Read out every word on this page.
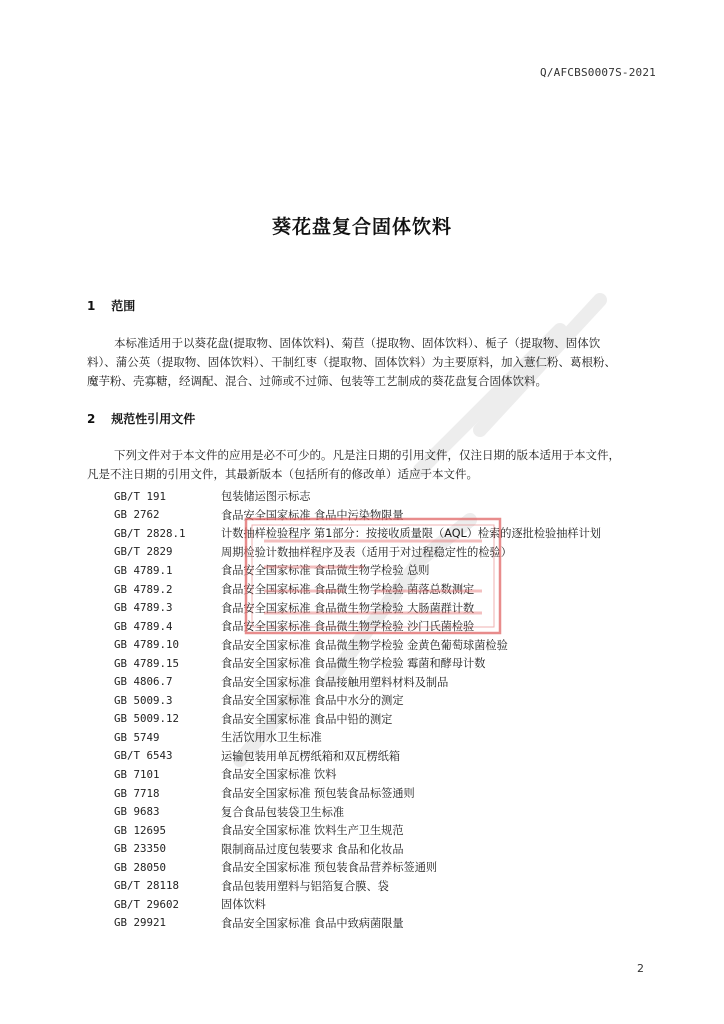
Q/AFCBS0007S-2021
葵花盘复合固体饮料
1 范围
本标准适用于以葵花盘(提取物、固体饮料)、菊苣（提取物、固体饮料）、栀子（提取物、固体饮
料）、蒲公英（提取物、固体饮料）、干制红枣（提取物、固体饮料）为主要原料，加入薏仁粉、葛根粉、
魔芋粉、壳寡糖，经调配、混合、过筛或不过筛、包装等工艺制成的葵花盘复合固体饮料。
2 规范性引用文件
下列文件对于本文件的应用是必不可少的。凡是注日期的引用文件，仅注日期的版本适用于本文件，
凡是不注日期的引用文件，其最新版本（包括所有的修改单）适应于本文件。
GB/T 191	包装储运图示标志
GB 2762	食品安全国家标准 食品中污染物限量
GB/T 2828.1	计数抽样检验程序 第1部分：按接收质量限（AQL）检索的逐批检验抽样计划
GB/T 2829	周期检验计数抽样程序及表（适用于对过程稳定性的检验）
GB 4789.1	食品安全国家标准 食品微生物学检验 总则
GB 4789.2	食品安全国家标准 食品微生物学检验 菌落总数测定
GB 4789.3	食品安全国家标准 食品微生物学检验 大肠菌群计数
GB 4789.4	食品安全国家标准 食品微生物学检验 沙门氏菌检验
GB 4789.10	食品安全国家标准 食品微生物学检验 金黄色葡萄球菌检验
GB 4789.15	食品安全国家标准 食品微生物学检验 霉菌和酵母计数
GB 4806.7	食品安全国家标准 食品接触用塑料材料及制品
GB 5009.3	食品安全国家标准 食品中水分的测定
GB 5009.12	食品安全国家标准 食品中铅的测定
GB 5749	生活饮用水卫生标准
GB/T 6543	运输包装用单瓦楞纸箱和双瓦楞纸箱
GB 7101	食品安全国家标准 饮料
GB 7718	食品安全国家标准 预包装食品标签通则
GB 9683	复合食品包装袋卫生标准
GB 12695	食品安全国家标准 饮料生产卫生规范
GB 23350	限制商品过度包装要求 食品和化妆品
GB 28050	食品安全国家标准 预包装食品营养标签通则
GB/T 28118	食品包装用塑料与铝箔复合膜、袋
GB/T 29602	固体饮料
GB 29921	食品安全国家标准 食品中致病菌限量
2
